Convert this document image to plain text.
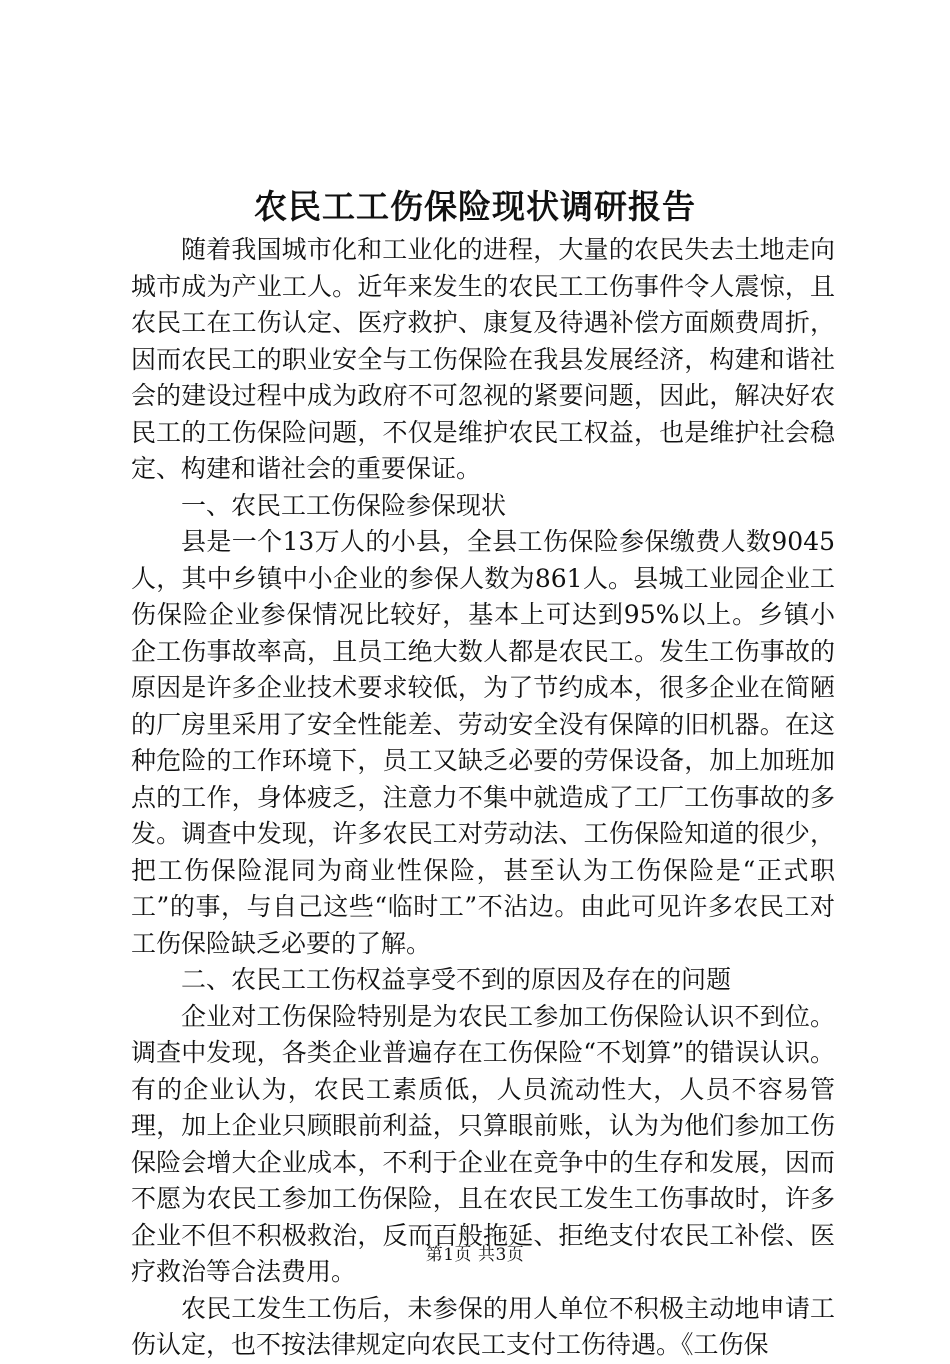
农民工工伤保险现状调研报告

随着我国城市化和工业化的进程，大量的农民失去土地走向城市成为产业工人。近年来发生的农民工工伤事件令人震惊，且农民工在工伤认定、医疗救护、康复及待遇补偿方面颇费周折，因而农民工的职业安全与工伤保险在我县发展经济，构建和谐社会的建设过程中成为政府不可忽视的紧要问题，因此，解决好农民工的工伤保险问题，不仅是维护农民工权益，也是维护社会稳定、构建和谐社会的重要保证。

一、农民工工伤保险参保现状

县是一个13万人的小县，全县工伤保险参保缴费人数9045人，其中乡镇中小企业的参保人数为861人。县城工业园企业工伤保险企业参保情况比较好，基本上可达到95%以上。乡镇小企工伤事故率高，且员工绝大数人都是农民工。发生工伤事故的原因是许多企业技术要求较低，为了节约成本，很多企业在简陋的厂房里采用了安全性能差、劳动安全没有保障的旧机器。在这种危险的工作环境下，员工又缺乏必要的劳保设备，加上加班加点的工作，身体疲乏，注意力不集中就造成了工厂工伤事故的多发。调查中发现，许多农民工对劳动法、工伤保险知道的很少，把工伤保险混同为商业性保险，甚至认为工伤保险是“正式职工”的事，与自己这些“临时工”不沾边。由此可见许多农民工对工伤保险缺乏必要的了解。

二、农民工工伤权益享受不到的原因及存在的问题

企业对工伤保险特别是为农民工参加工伤保险认识不到位。调查中发现，各类企业普遍存在工伤保险“不划算”的错误认识。有的企业认为，农民工素质低，人员流动性大，人员不容易管理，加上企业只顾眼前利益，只算眼前账，认为为他们参加工伤保险会增大企业成本，不利于企业在竞争中的生存和发展，因而不愿为农民工参加工伤保险，且在农民工发生工伤事故时，许多企业不但不积极救治，反而百般拖延、拒绝支付农民工补偿、医疗救治等合法费用。

农民工发生工伤后，未参保的用人单位不积极主动地申请工伤认定，也不按法律规定向农民工支付工伤待遇。《工伤保

第1页 共3页
